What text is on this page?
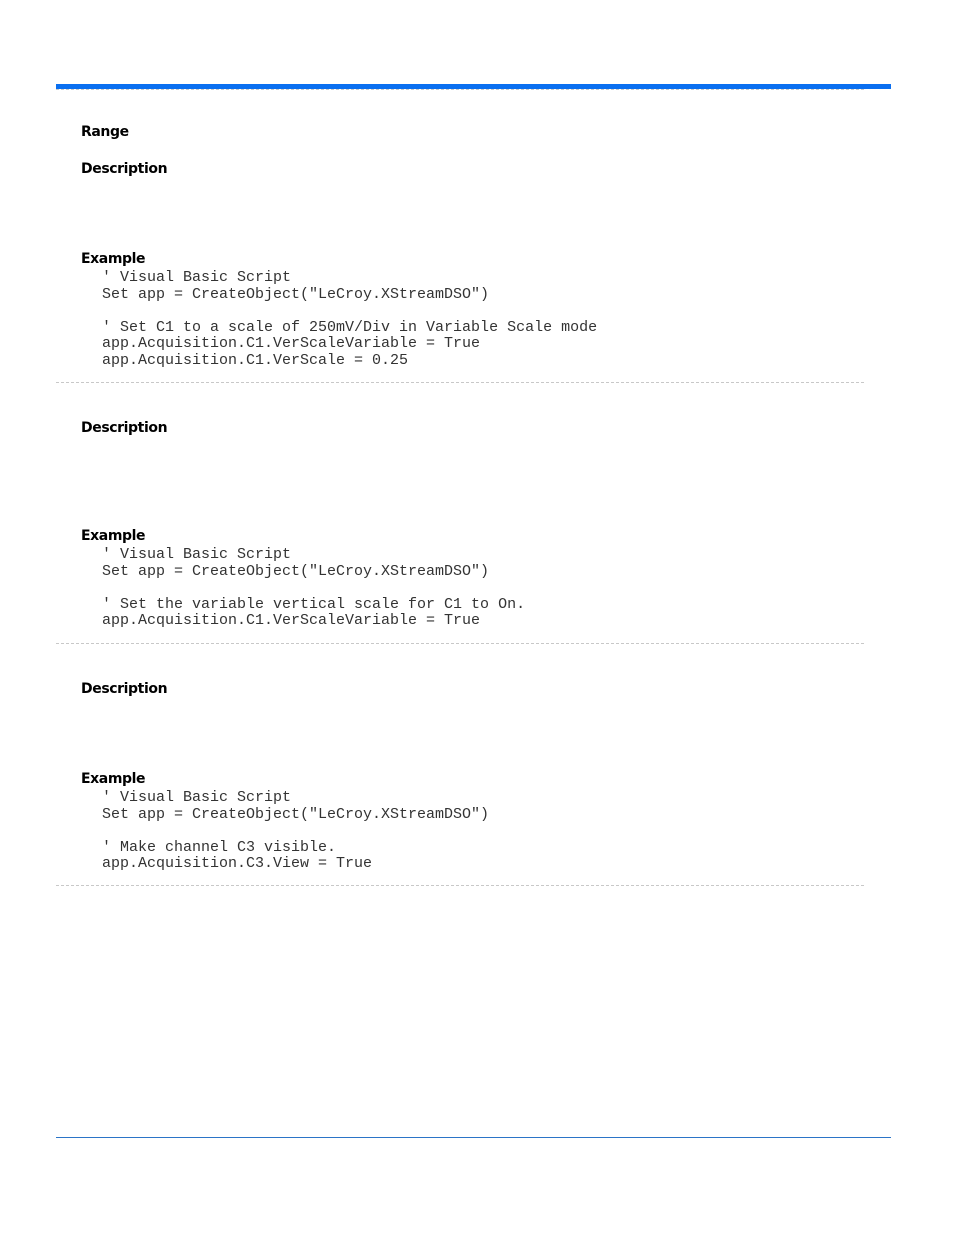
Range
Description
Example
' Visual Basic Script
Set app = CreateObject("LeCroy.XStreamDSO")
' Set C1 to a scale of 250mV/Div in Variable Scale mode
app.Acquisition.C1.VerScaleVariable = True
app.Acquisition.C1.VerScale = 0.25
Description
Example
' Visual Basic Script
Set app = CreateObject("LeCroy.XStreamDSO")
' Set the variable vertical scale for C1 to On.
app.Acquisition.C1.VerScaleVariable = True
Description
Example
' Visual Basic Script
Set app = CreateObject("LeCroy.XStreamDSO")
' Make channel C3 visible.
app.Acquisition.C3.View = True
